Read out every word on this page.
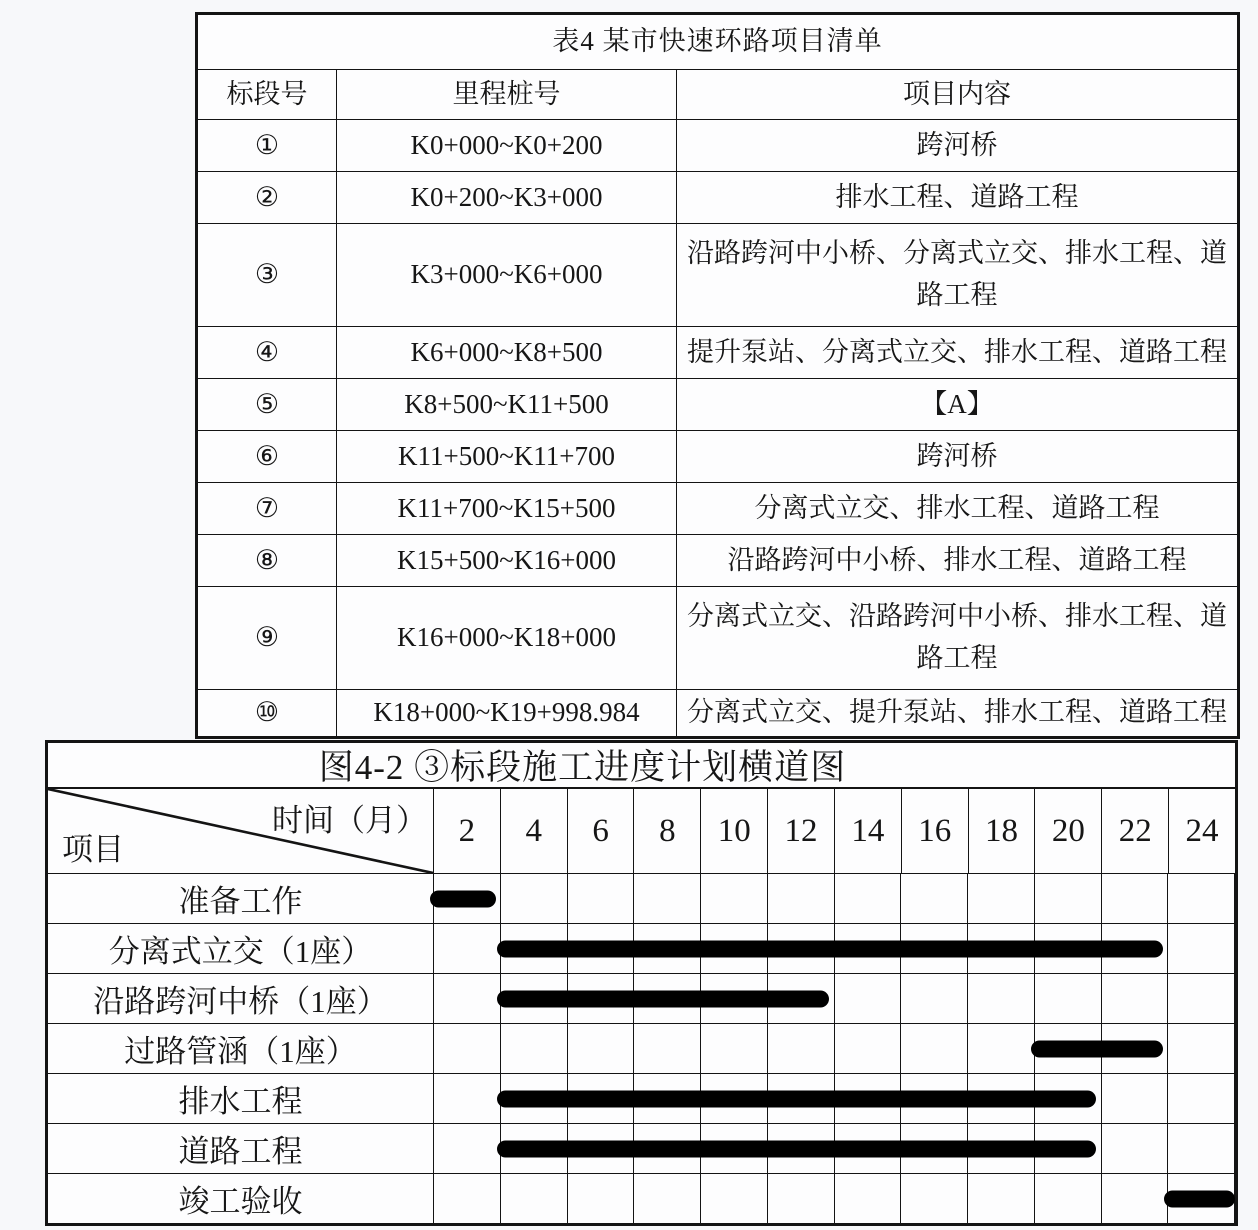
表4 某市快速环路项目清单		
标段号	里程桩号	项目内容
①	K0+000~K0+200	跨河桥
②	K0+200~K3+000	排水工程、道路工程
③	K3+000~K6+000	沿路跨河中小桥、分离式立交、排水工程、道路工程
④	K6+000~K8+500	提升泵站、分离式立交、排水工程、道路工程
⑤	K8+500~K11+500	【A】
⑥	K11+500~K11+700	跨河桥
⑦	K11+700~K15+500	分离式立交、排水工程、道路工程
⑧	K15+500~K16+000	沿路跨河中小桥、排水工程、道路工程
⑨	K16+000~K18+000	分离式立交、沿路跨河中小桥、排水工程、道路工程
⑩	K18+000~K19+998.984	分离式立交、提升泵站、排水工程、道路工程
图4-2 ③标段施工进度计划横道图
时间（月）
项目
2	4	6	8	10	12	14	16	18	20	22	24
准备工作
分离式立交（1座）
沿路跨河中桥（1座）
过路管涵（1座）
排水工程
道路工程
竣工验收
